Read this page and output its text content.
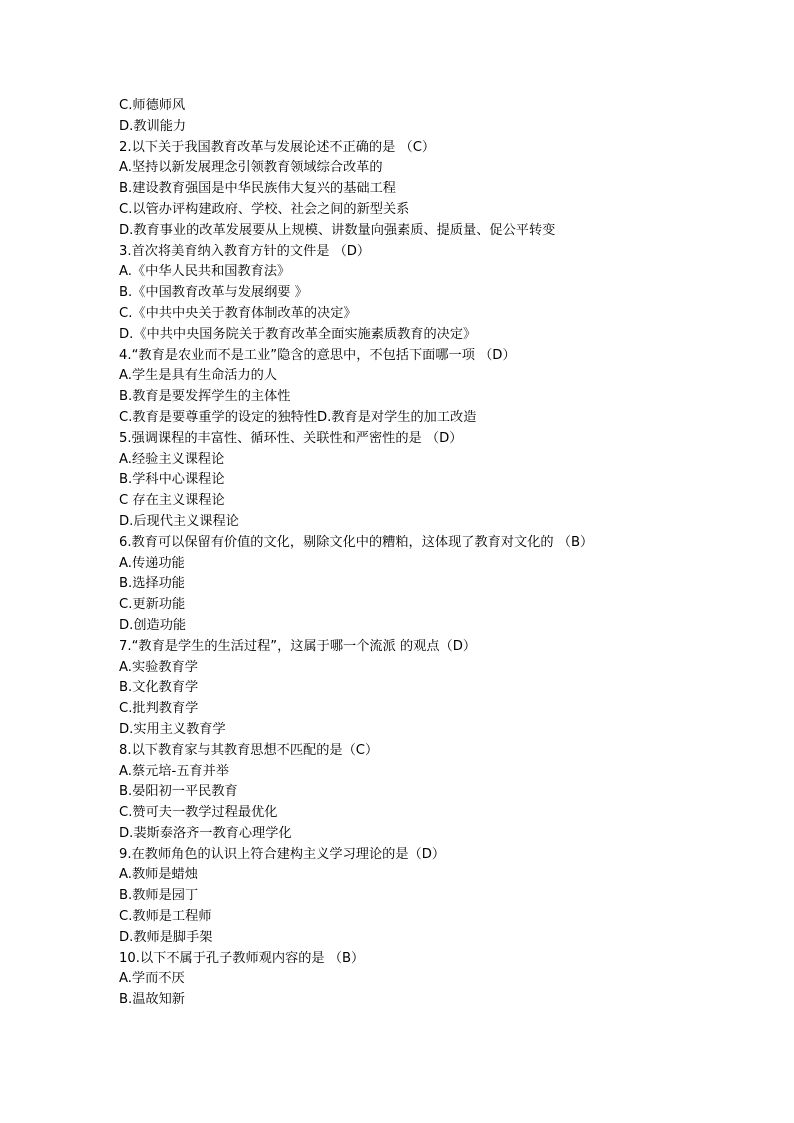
C.师德师风
D.教训能力
2.以下关于我国教育改革与发展论述不正确的是 （C）
A.坚持以新发展理念引领教育领域综合改革的
B.建设教育强国是中华民族伟大复兴的基础工程
C.以管办评构建政府、学校、社会之间的新型关系
D.教育事业的改革发展要从上规模、讲数量向强素质、提质量、促公平转变
3.首次将美育纳入教育方针的文件是 （D）
A.《中华人民共和国教育法》
B.《中国教育改革与发展纲要 》
C.《中共中央关于教育体制改革的决定》
D.《中共中央国务院关于教育改革全面实施素质教育的决定》
4.“教育是农业而不是工业”隐含的意思中，不包括下面哪一项 （D）
A.学生是具有生命活力的人
B.教育是要发挥学生的主体性
C.教育是要尊重学的设定的独特性D.教育是对学生的加工改造
5.强调课程的丰富性、循环性、关联性和严密性的是 （D）
A.经验主义课程论
B.学科中心课程论
C 存在主义课程论
D.后现代主义课程论
6.教育可以保留有价值的文化，剔除文化中的糟粕，这体现了教育对文化的 （B）
A.传递功能
B.选择功能
C.更新功能
D.创造功能
7.“教育是学生的生活过程”，这属于哪一个流派 的观点（D）
A.实验教育学
B.文化教育学
C.批判教育学
D.实用主义教育学
8.以下教育家与其教育思想不匹配的是（C）
A.蔡元培-五育并举
B.晏阳初一平民教育
C.赞可夫一教学过程最优化
D.裴斯泰洛齐一教育心理学化
9.在教师角色的认识上符合建构主义学习理论的是（D）
A.教师是蜡烛
B.教师是园丁
C.教师是工程师
D.教师是脚手架
10.以下不属于孔子教师观内容的是 （B）
A.学而不厌
B.温故知新
